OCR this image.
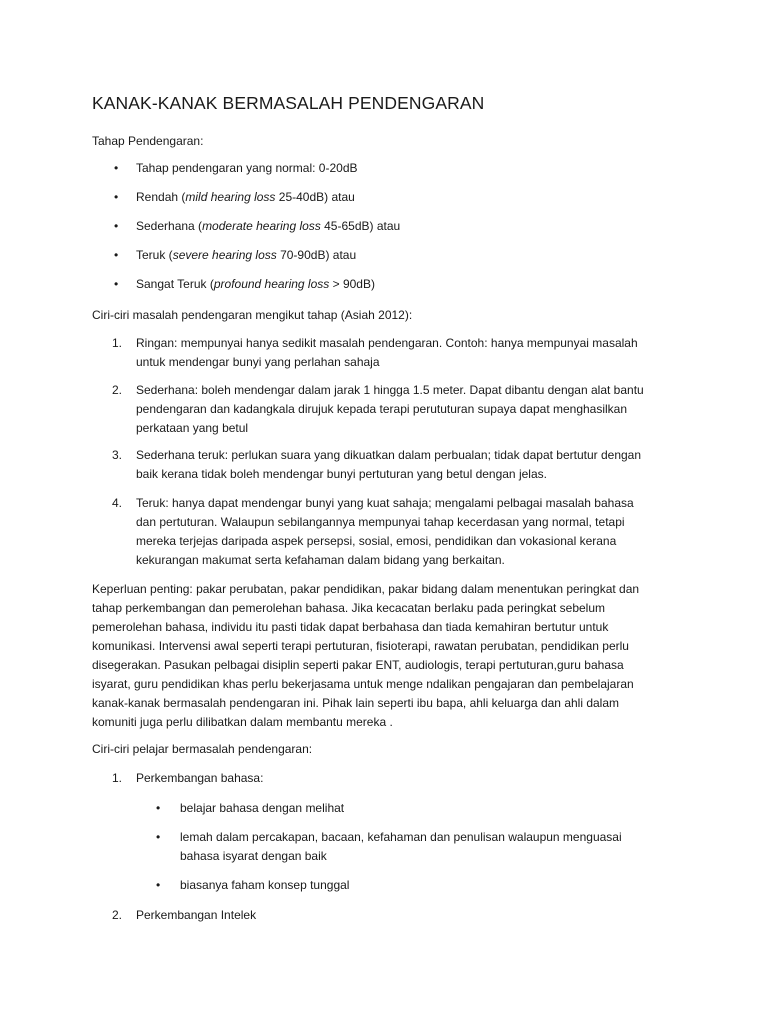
KANAK-KANAK BERMASALAH PENDENGARAN
Tahap Pendengaran:
• Tahap pendengaran yang normal: 0-20dB
• Rendah (mild hearing loss 25-40dB) atau
• Sederhana (moderate hearing loss 45-65dB) atau
• Teruk (severe hearing loss 70-90dB) atau
• Sangat Teruk (profound hearing loss > 90dB)
Ciri-ciri masalah pendengaran mengikut tahap (Asiah 2012):
1. Ringan: mempunyai hanya sedikit masalah pendengaran. Contoh: hanya mempunyai masalah
untuk mendengar bunyi yang perlahan sahaja
2. Sederhana: boleh mendengar dalam jarak 1 hingga 1.5 meter. Dapat dibantu dengan alat bantu
pendengaran dan kadangkala dirujuk kepada terapi perututuran supaya dapat menghasilkan
perkataan yang betul
3. Sederhana teruk: perlukan suara yang dikuatkan dalam perbualan; tidak dapat bertutur dengan
baik kerana tidak boleh mendengar bunyi pertuturan yang betul dengan jelas.
4. Teruk: hanya dapat mendengar bunyi yang kuat sahaja; mengalami pelbagai masalah bahasa
dan pertuturan. Walaupun sebilangannya mempunyai tahap kecerdasan yang normal, tetapi
mereka terjejas daripada aspek persepsi, sosial, emosi, pendidikan dan vokasional kerana
kekurangan makumat serta kefahaman dalam bidang yang berkaitan.

Keperluan penting: pakar perubatan, pakar pendidikan, pakar bidang dalam menentukan peringkat dan
tahap perkembangan dan pemerolehan bahasa. Jika kecacatan berlaku pada peringkat sebelum
pemerolehan bahasa, individu itu pasti tidak dapat berbahasa dan tiada kemahiran bertutur untuk
komunikasi. Intervensi awal seperti terapi pertuturan, fisioterapi, rawatan perubatan, pendidikan perlu
disegerakan. Pasukan pelbagai disiplin seperti pakar ENT, audiologis, terapi pertuturan,guru bahasa
isyarat, guru pendidikan khas perlu bekerjasama untuk menge ndalikan pengajaran dan pembelajaran
kanak-kanak bermasalah pendengaran ini. Pihak lain seperti ibu bapa, ahli keluarga dan ahli dalam
komuniti juga perlu dilibatkan dalam membantu mereka .

Ciri-ciri pelajar bermasalah pendengaran:
1. Perkembangan bahasa:
• belajar bahasa dengan melihat
• lemah dalam percakapan, bacaan, kefahaman dan penulisan walaupun menguasai
bahasa isyarat dengan baik
• biasanya faham konsep tunggal
2. Perkembangan Intelek
